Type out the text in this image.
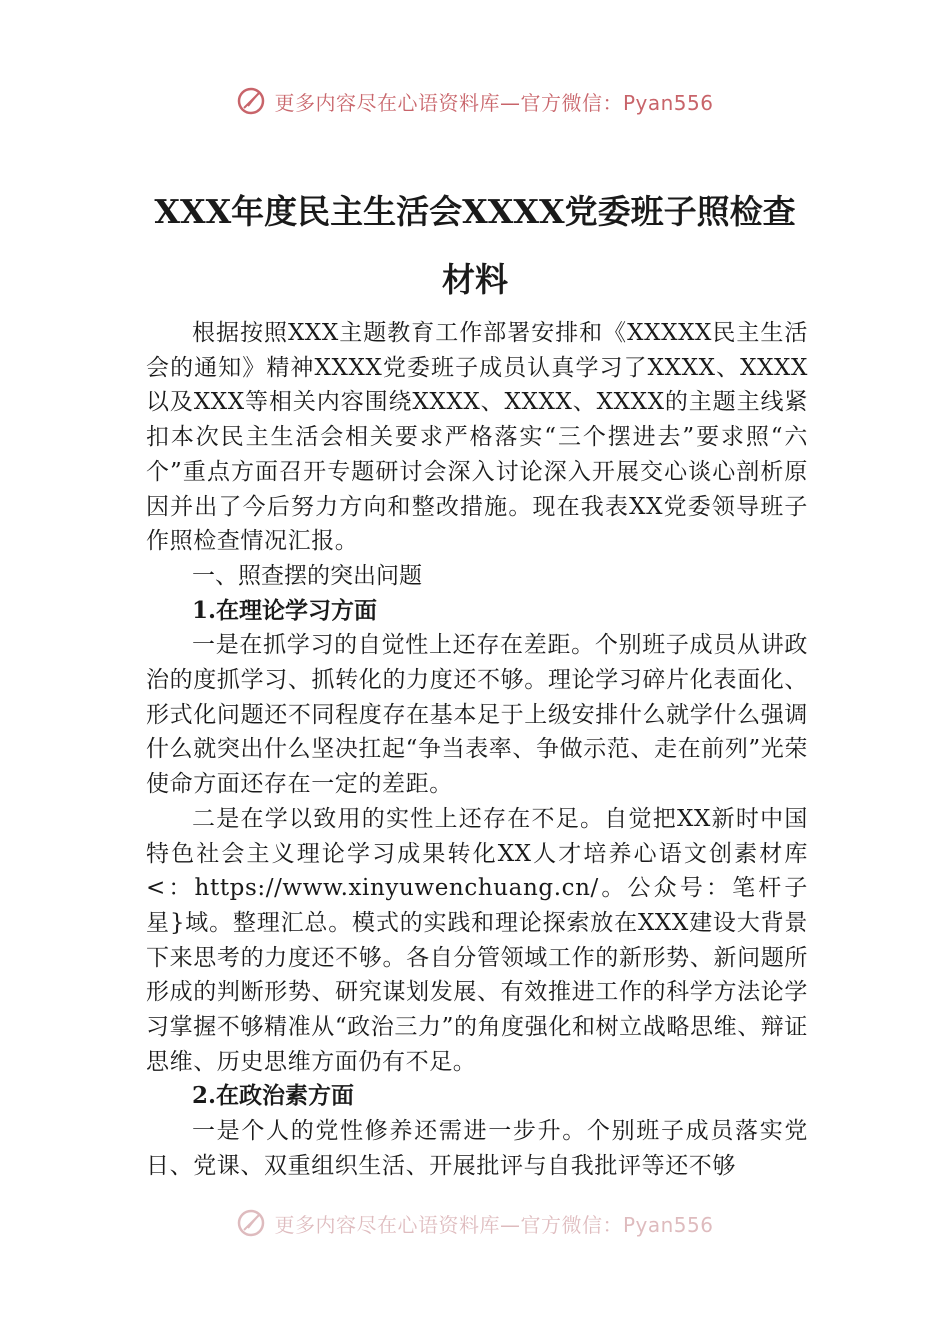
更多内容尽在心语资料库—官方微信：Pyan556
XXX年度民主生活会XXXX党委班子照检查材料

根据按照XXX主题教育工作部署安排和《XXXXX民主生活会的通知》精神XXXX党委班子成员认真学习了XXXX、XXXX以及XXX等相关内容围绕XXXX、XXXX、XXXX的主题主线紧扣本次民主生活会相关要求严格落实“三个摆进去”要求照“六个”重点方面召开专题研讨会深入讨论深入开展交心谈心剖析原因并出了今后努力方向和整改措施。现在我表XX党委领导班子作照检查情况汇报。

一、照查摆的突出问题
1.在理论学习方面

一是在抓学习的自觉性上还存在差距。个别班子成员从讲政治的度抓学习、抓转化的力度还不够。理论学习碎片化表面化、形式化问题还不同程度存在基本足于上级安排什么就学什么强调什么就突出什么坚决扛起“争当表率、争做示范、走在前列”光荣使命方面还存在一定的差距。

二是在学以致用的实性上还存在不足。自觉把XX新时中国特色社会主义理论学习成果转化XX人才培养心语文创素材库<：https://www.xinyuwenchuang.cn/。公众号：笔杆子星}域。整理汇总。模式的实践和理论探索放在XXX建设大背景下来思考的力度还不够。各自分管领域工作的新形势、新问题所形成的判断形势、研究谋划发展、有效推进工作的科学方法论学习掌握不够精准从“政治三力”的角度强化和树立战略思维、辩证思维、历史思维方面仍有不足。

2.在政治素方面

一是个人的党性修养还需进一步升。个别班子成员落实党日、党课、双重组织生活、开展批评与自我批评等还不够

更多内容尽在心语资料库—官方微信：Pyan556
